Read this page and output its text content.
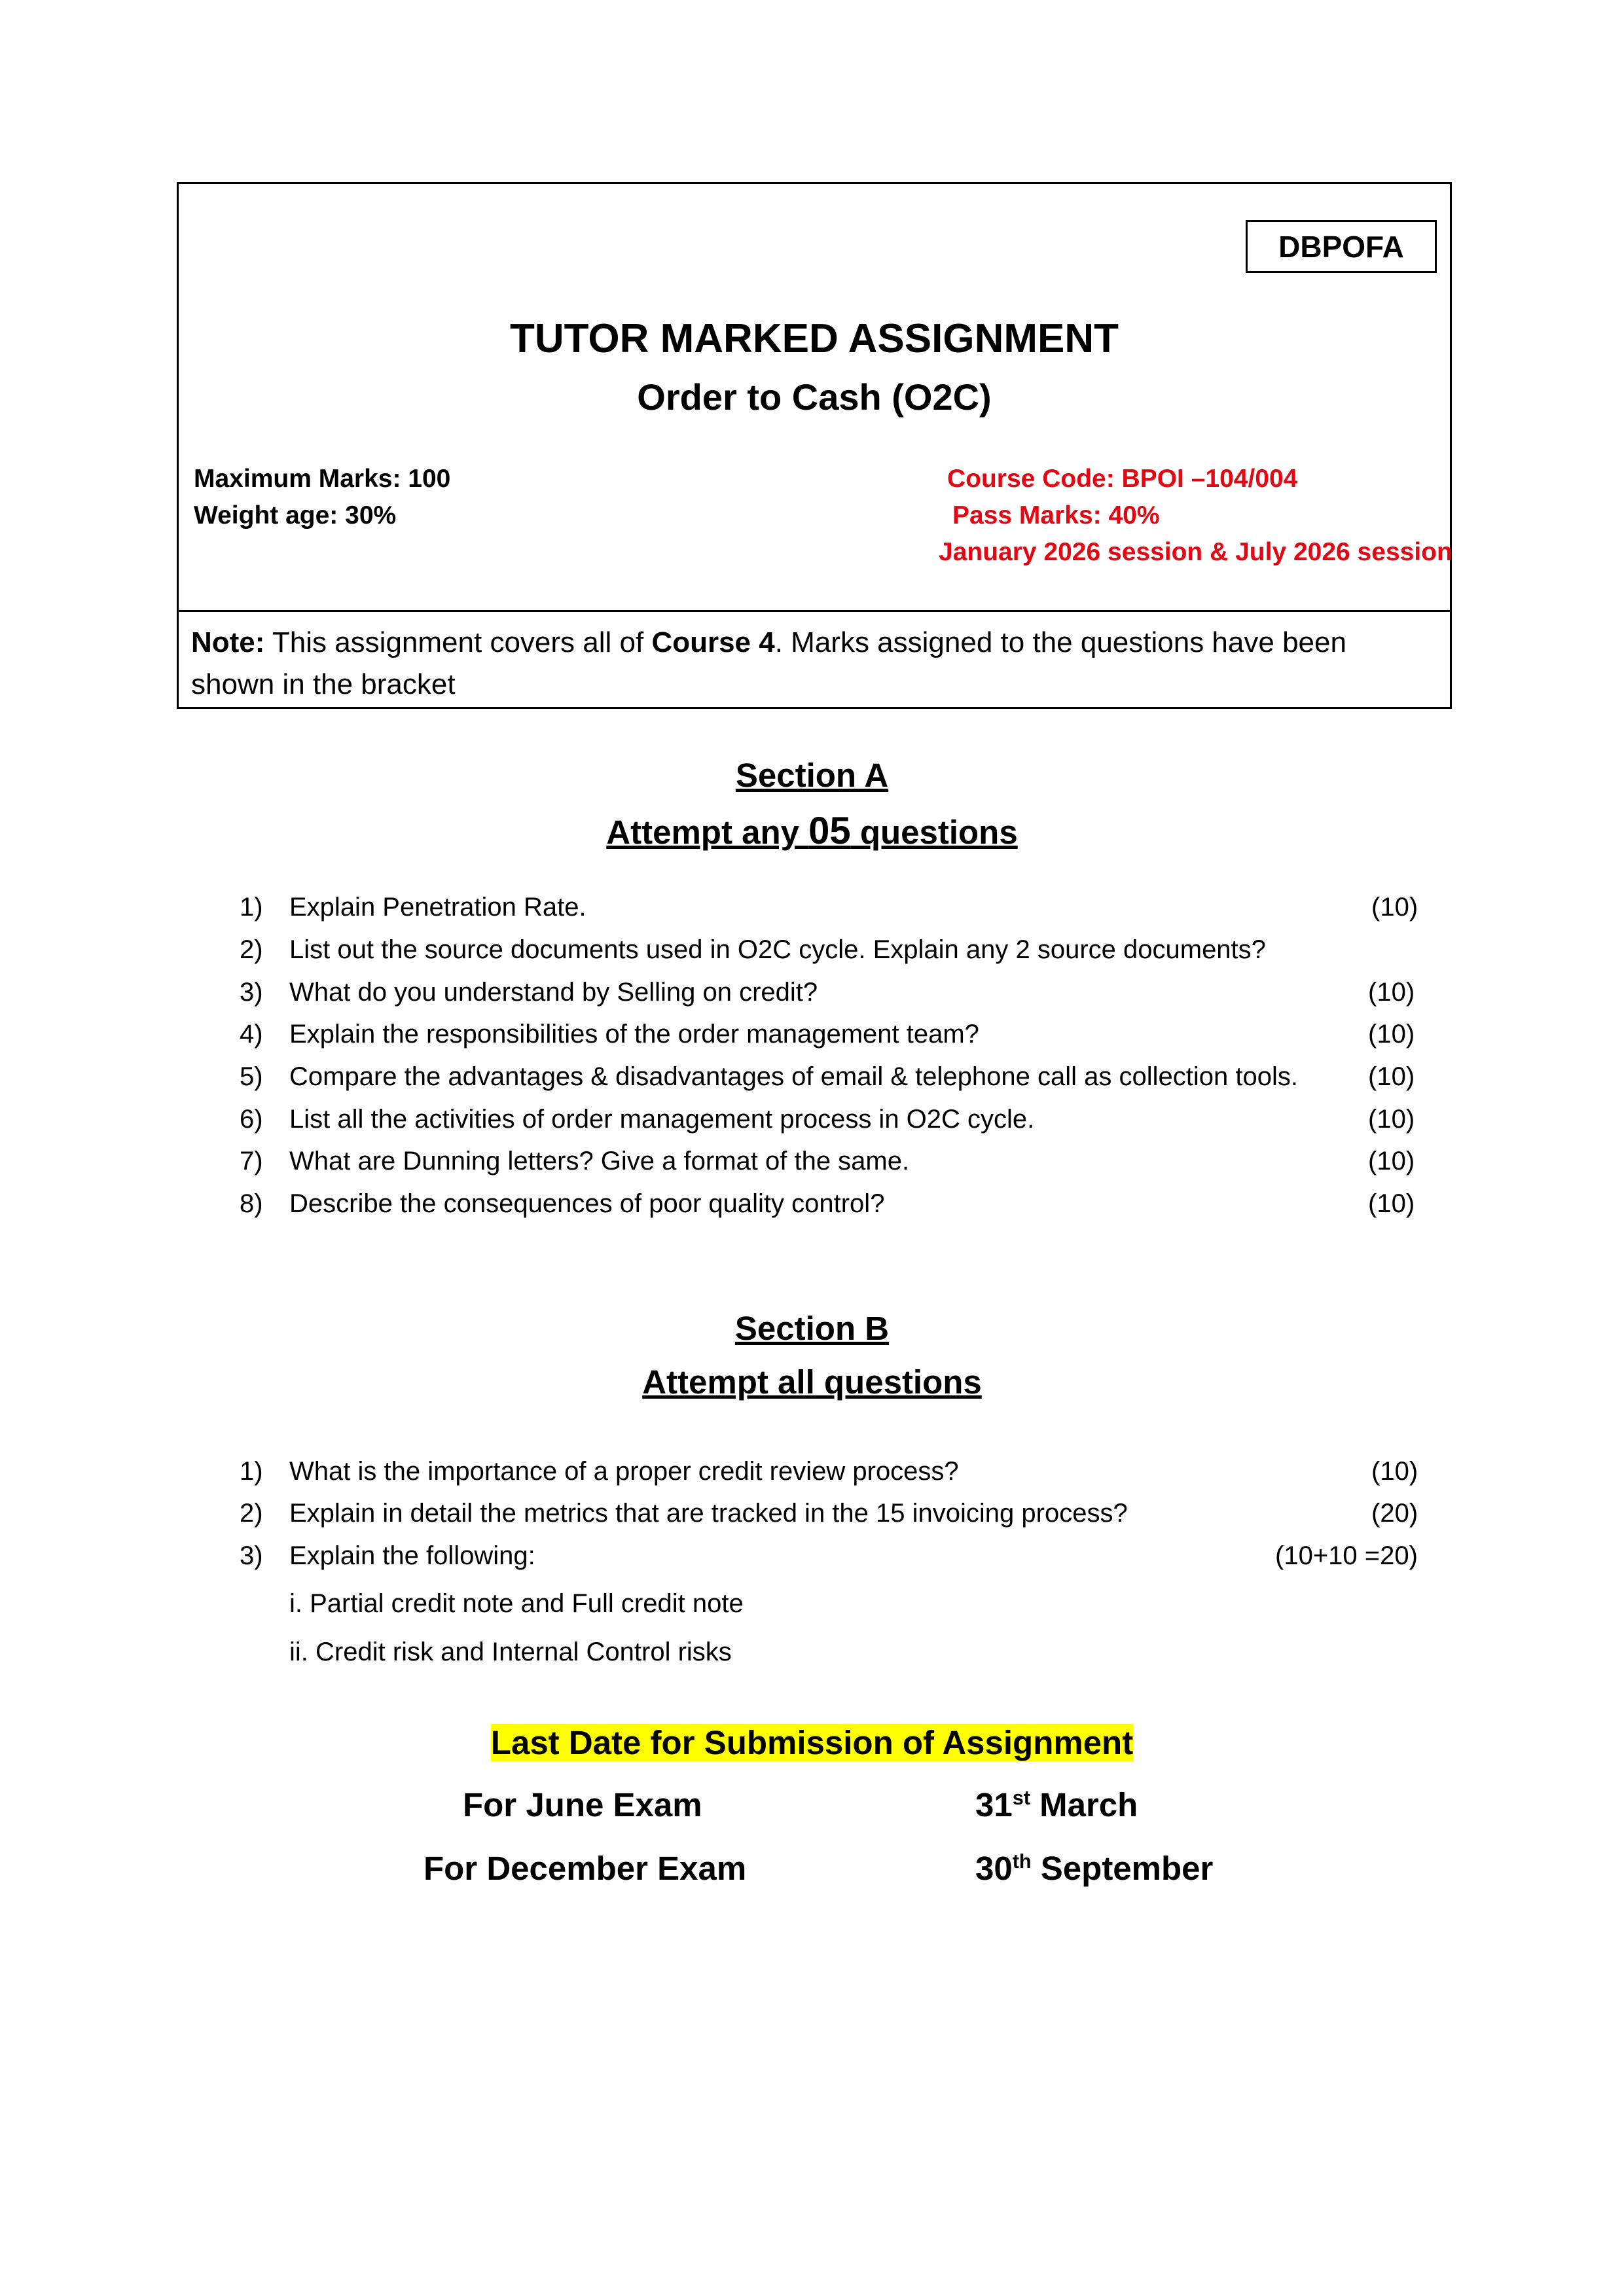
DBPOFA
TUTOR MARKED ASSIGNMENT
Order to Cash (O2C)
Maximum Marks: 100
Weight age: 30%
Course Code: BPOI –104/004
Pass Marks: 40%
January 2026 session & July 2026 session
Note: This assignment covers all of Course 4. Marks assigned to the questions have been shown in the bracket
Section A
Attempt any 05 questions
1) Explain Penetration Rate.	(10)
2) List out the source documents used in O2C cycle. Explain any 2 source documents?
3) What do you understand by Selling on credit?	(10)
4) Explain the responsibilities of the order management team?	(10)
5) Compare the advantages & disadvantages of email & telephone call as collection tools.	(10)
6) List all the activities of order management process in O2C cycle.	(10)
7) What are Dunning letters? Give a format of the same.	(10)
8) Describe the consequences of poor quality control?	(10)
Section B
Attempt all questions
1) What is the importance of a proper credit review process?	(10)
2) Explain in detail the metrics that are tracked in the 15 invoicing process?	(20)
3) Explain the following:	(10+10 =20)
i. Partial credit note and Full credit note
ii. Credit risk and Internal Control risks
Last Date for Submission of Assignment
For June Exam	31st March
For December Exam	30th September
